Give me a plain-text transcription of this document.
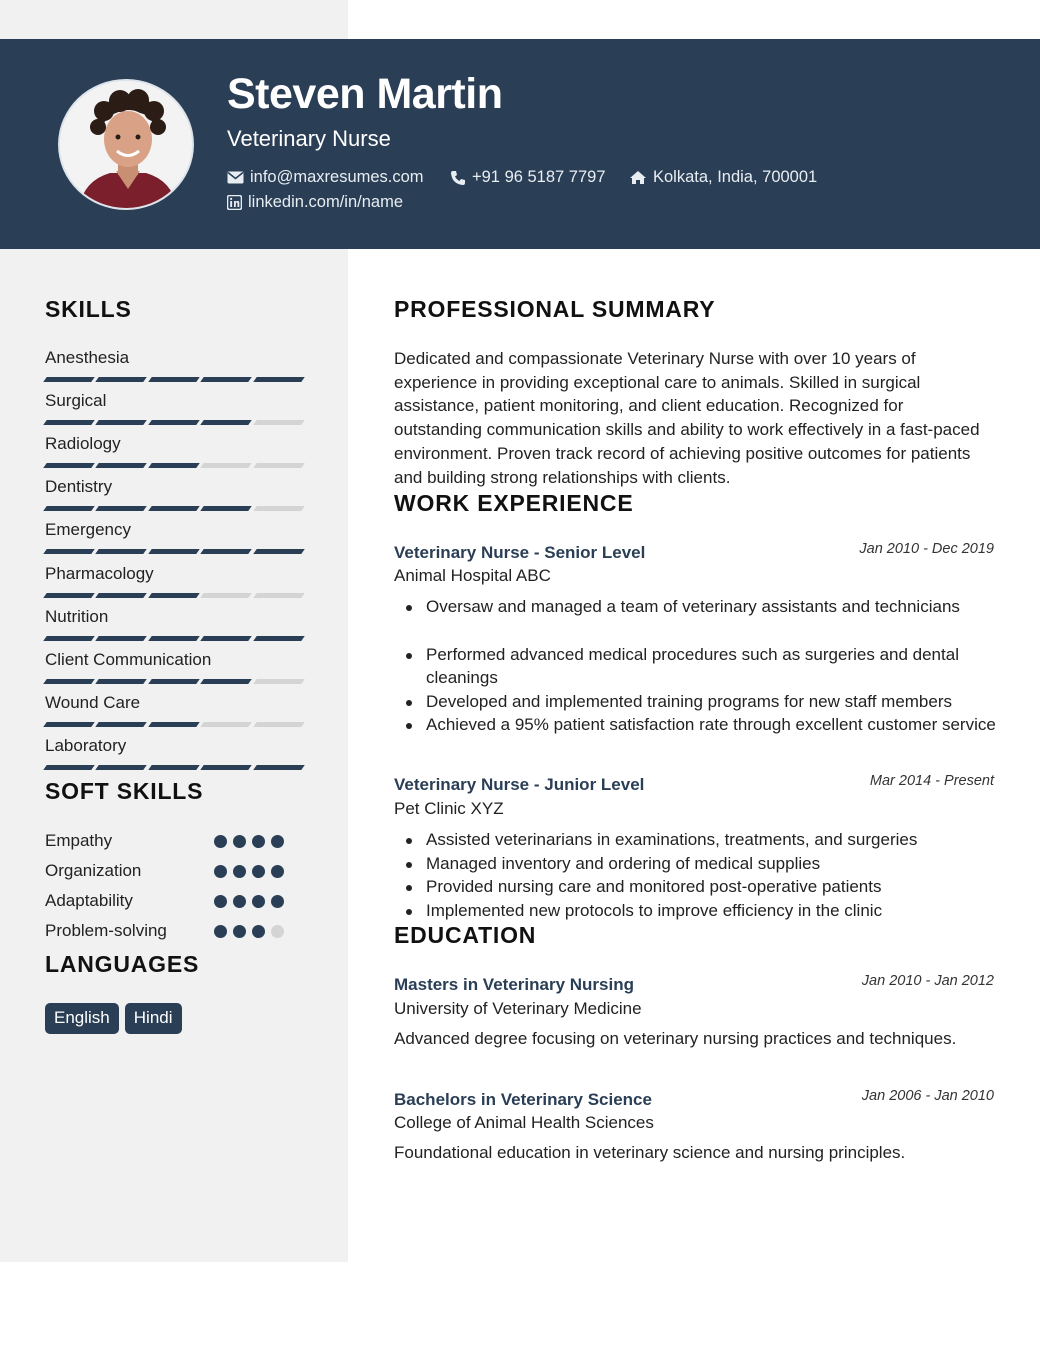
Steven Martin
Veterinary Nurse
info@maxresumes.com	+91 96 5187 7797	Kolkata, India, 700001
linkedin.com/in/name
SKILLS
Anesthesia
Surgical
Radiology
Dentistry
Emergency
Pharmacology
Nutrition
Client Communication
Wound Care
Laboratory
SOFT SKILLS
Empathy
Organization
Adaptability
Problem-solving
LANGUAGES
English	Hindi
PROFESSIONAL SUMMARY
Dedicated and compassionate Veterinary Nurse with over 10 years of experience in providing exceptional care to animals. Skilled in surgical assistance, patient monitoring, and client education. Recognized for outstanding communication skills and ability to work effectively in a fast-paced environment. Proven track record of achieving positive outcomes for patients and building strong relationships with clients.
WORK EXPERIENCE
Veterinary Nurse - Senior Level	Jan 2010 - Dec 2019
Animal Hospital ABC
Oversaw and managed a team of veterinary assistants and technicians
Performed advanced medical procedures such as surgeries and dental cleanings
Developed and implemented training programs for new staff members
Achieved a 95% patient satisfaction rate through excellent customer service
Veterinary Nurse - Junior Level	Mar 2014 - Present
Pet Clinic XYZ
Assisted veterinarians in examinations, treatments, and surgeries
Managed inventory and ordering of medical supplies
Provided nursing care and monitored post-operative patients
Implemented new protocols to improve efficiency in the clinic
EDUCATION
Masters in Veterinary Nursing	Jan 2010 - Jan 2012
University of Veterinary Medicine
Advanced degree focusing on veterinary nursing practices and techniques.
Bachelors in Veterinary Science	Jan 2006 - Jan 2010
College of Animal Health Sciences
Foundational education in veterinary science and nursing principles.
